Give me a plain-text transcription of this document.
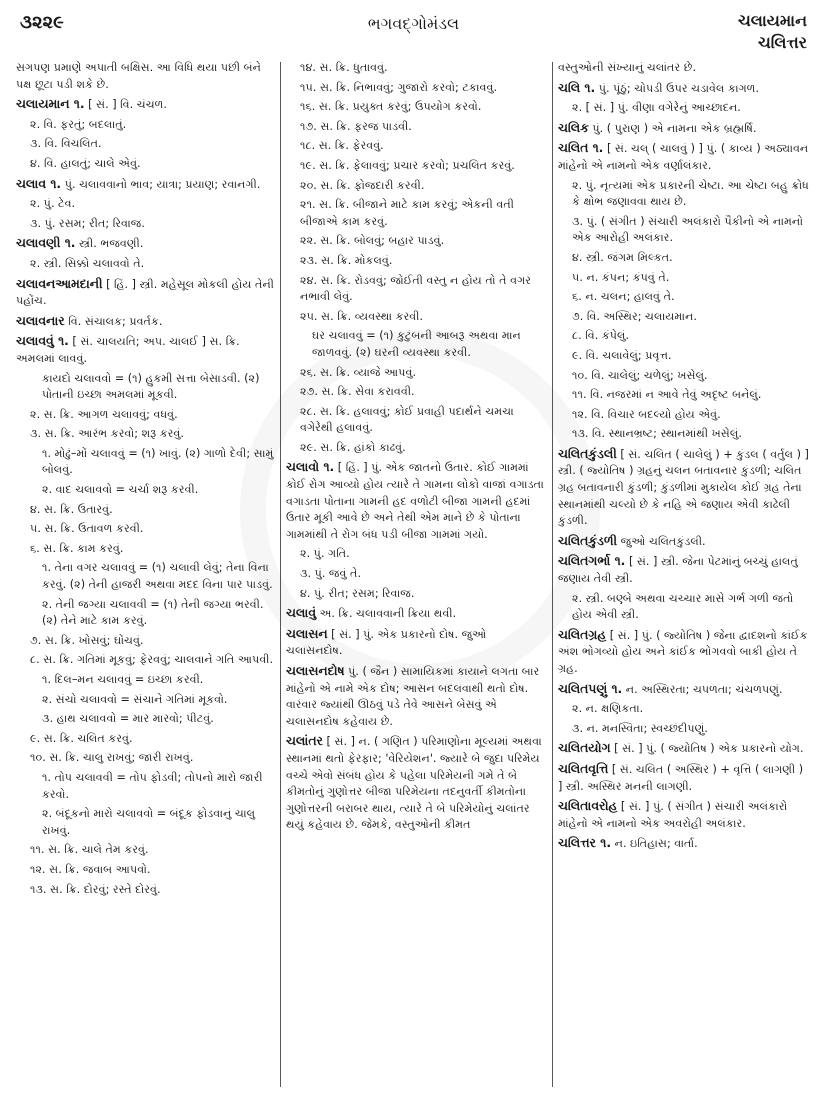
૩૨૨૯	ભગવદ્ગોમંડલ	ચલાયમાન
ચલિત્તર
સગપણ પ્રમાણે અપાતી બક્ષિસ. આ વિધિ થયા પછી બંને પક્ષ છૂટા પડી શકે છે.
ચલાયમાન ૧. [ સં. ] વિ. ચંચળ.
૨. વિ. ફરતું; બદલાતું.
૩. વિ. વિચલિત.
૪. વિ. હાલતું; ચાલે એવું.
ચલાવ ૧. પું. ચલાવવાનો ભાવ; યાત્રા; પ્રયાણ; રવાનગી.
૨. પું. ટેવ.
૩. પું. રસમ; રીત; રિવાજ.
ચલાવણી ૧. સ્ત્રી. ભજવણી.
૨. સ્ત્રી. સિક્કો ચલાવવો તે.
ચલાવનઆમદાની [ હિં. ] સ્ત્રી. મહેસૂલ મોકલી હોય તેની પહોંચ.
ચલાવનાર વિ. સંચાલક; પ્રવર્તક.
ચલાવવું ૧. [ સં. ચાલયતિ; અપ. ચાલઈ ] સ. ક્રિ. અમલમાં લાવવું.
કાયદો ચલાવવો = (૧) હુકમી સત્તા બેસાડવી. (૨) પોતાની ઇચ્છા અમલમાં મૂકવી.
૨. સ. ક્રિ. આગળ ચલાવવું; વધવું.
૩. સ. ક્રિ. આરંભ કરવો; શરૂ કરવું.
૧. મોઢું–મોં ચલાવવું = (૧) ખાવું. (૨) ગાળો દેવી; સામું બોલવું.
૨. વાદ ચલાવવો = ચર્ચા શરૂ કરવી.
૪. સ. ક્રિ. ઉતારવું.
૫. સ. ક્રિ. ઉતાવળ કરવી.
૬. સ. ક્રિ. કામ કરવું.
૧. તેના વગર ચલાવવું = (૧) ચલાવી લેવું; તેના વિના કરવું. (૨) તેની હાજરી અથવા મદદ વિના પાર પાડવું.
૨. તેની જગ્યા ચલાવવી = (૧) તેની જગ્યા ભરવી. (૨) તેને માટે કામ કરવું.
૭. સ. ક્રિ. ખોસવું; ઘોંચવું.
૮. સ. ક્રિ. ગતિમાં મૂકવું; ફેરવવું; ચાલવાને ગતિ આપવી.
૧. દિલ–મન ચલાવવું = ઇચ્છા કરવી.
૨. સંચો ચલાવવો = સંચાને ગતિમાં મૂકવો.
૩. હાથ ચલાવવો = માર મારવો; પીટવું.
૯. સ. ક્રિ. ચલિત કરવું.
૧૦. સ. ક્રિ. ચાલુ રાખવું; જારી રાખવું.
૧. તોપ ચલાવવી = તોપ ફોડવી; તોપનો મારો જારી કરવો.
૨. બંદૂકનો મારો ચલાવવો = બંદૂક ફોડવાનું ચાલુ રાખવું.
૧૧. સ. ક્રિ. ચાલે તેમ કરવું.
૧૨. સ. ક્રિ. જવાબ આપવો.
૧૩. સ. ક્રિ. દોરવું; રસ્તે દોરવું.
૧૪. સ. ક્રિ. ધુતાવવું.
૧૫. સ. ક્રિ. નિભાવવું; ગુજારો કરવો; ટકાવવું.
૧૬. સ. ક્રિ. પ્રયુક્ત કરવું; ઉપયોગ કરવો.
૧૭. સ. ક્રિ. ફરજ પાડવી.
૧૮. સ. ક્રિ. ફેરવવું.
૧૯. સ. ક્રિ. ફેલાવવું; પ્રચાર કરવો; પ્રચલિત કરવું.
૨૦. સ. ક્રિ. ફોજદારી કરવી.
૨૧. સ. ક્રિ. બીજાને માટે કામ કરવું; એકની વતી બીજાએ કામ કરવું.
૨૨. સ. ક્રિ. બોલવું; બહાર પાડવું.
૨૩. સ. ક્રિ. મોકલવું.
૨૪. સ. ક્રિ. રોડવવું; જોઈતી વસ્તુ ન હોય તો તે વગર નભાવી લેવું.
૨૫. સ. ક્રિ. વ્યવસ્થા કરવી.
ઘર ચલાવવું = (૧) કુટુંબની આબરૂ અથવા માન જાળવવું. (૨) ઘરની વ્યવસ્થા કરવી.
૨૬. સ. ક્રિ. વ્યાજે આપવું.
૨૭. સ. ક્રિ. સેવા કરાવવી.
૨૮. સ. ક્રિ. હલાવવું; કોઈ પ્રવાહી પદાર્થને ચમચા વગેરેથી હલાવવું.
૨૯. સ. ક્રિ. હાંકો કાઢવું.
ચલાવો ૧. [ હિં. ] પું. એક જાતનો ઉતાર. કોઈ ગામમાં કોઈ રોગ આવ્યો હોય ત્યારે તે ગામના લોકો વાજાં વગાડતા વગાડતા પોતાના ગામની હદ વળોટી બીજા ગામની હદમાં ઉતાર મૂકી આવે છે અને તેથી એમ માને છે કે પોતાના ગામમાંથી તે રોગ બંધ પડી બીજા ગામમાં ગયો.
૨. પું. ગતિ.
૩. પું. જવું તે.
૪. પું. રીત; રસમ; રિવાજ.
ચલાવું અ. ક્રિ. ચલાવવાની ક્રિયા થવી.
ચલાસન [ સં. ] પું. એક પ્રકારનો દોષ. જુઓ ચલાસનદોષ.
ચલાસનદોષ પું. ( જૈન ) સામાયિકમાં કાયાને લગતા બાર માંહેનો એ નામે એક દોષ; આસન બદલવાથી થતો દોષ. વારંવાર જ્યાંથી ઊઠવું પડે તેવે આસને બેસવું એ ચલાસનદોષ કહેવાય છે.
ચલાંતર [ સં. ] ન. ( ગણિત ) પરિમાણોના મૂલ્યમાં અથવા સ્થાનમાં થતો ફેરફાર; 'વેરિયેશન'. જ્યારે બે જુદા પરિમેય વચ્ચે એવો સંબંધ હોય કે પહેલા પરિમેયની ગમે તે બે કીમતોનું ગુણોત્તર બીજા પરિમેયના તદનુવર્તી કીમતોના ગુણોત્તરની બરાબર થાય, ત્યારે તે બે પરિમેયોનું ચલાંતર થયું કહેવાય છે. જેમકે, વસ્તુઓની કીમત
વસ્તુઓની સંખ્યાનું ચલાંતર છે.
ચલિ ૧. પું. પૂંઠું; ચોપડી ઉપર ચડાવેલ કાગળ.
૨. [ સં. ] પું. વીણા વગેરેનું આચ્છાદન.
ચલિક પું. ( પુરાણ ) એ નામના એક બ્રહ્મર્ષિ.
ચલિત ૧. [ સં. ચલ્ ( ચાલવું ) ] પું. ( કાવ્ય ) અઠ્યાવન માંહેનો એ નામનો એક વર્ણાલંકાર.
૨. પું. નૃત્યમાં એક પ્રકારની ચેષ્ટા. આ ચેષ્ટા બહુ ક્રોધ કે ક્ષોભ જણાવવા થાય છે.
૩. પું. ( સંગીત ) સંચારી અલંકારો પૈકીનો એ નામનો એક આરોહી અલંકાર.
૪. સ્ત્રી. જંગમ મિલ્કત.
૫. ન. કંપન; કંપવું તે.
૬. ન. ચલન; હાલવું તે.
૭. વિ. અસ્થિર; ચલાયમાન.
૮. વિ. કંપેલું.
૯. વિ. ચલાવેલું; પ્રવૃત્ત.
૧૦. વિ. ચાલેલું; ચળેલું; ખસેલું.
૧૧. વિ. નજરમાં ન આવે તેવું અદૃષ્ટ બનેલું.
૧૨. વિ. વિચાર બદલ્યો હોય એવું.
૧૩. વિ. સ્થાનભ્રષ્ટ; સ્થાનમાંથી ખસેલું.
ચલિતકુંડલી [ સં. ચલિત ( ચાલેલું ) + કુંડલ ( વર્તુલ ) ] સ્ત્રી. ( જ્યોતિષ ) ગ્રહનું ચલન બતાવનાર કુંડળી; ચલિત ગ્રહ બતાવનારી કુંડળી; કુંડળીમાં મુકાયેલ કોઈ ગ્રહ તેના સ્થાનમાંથી ચલ્યો છે કે નહિ એ જણાય એવી કાઢેલી કુંડળી.
ચલિતકુંડળી જુઓ ચલિતકુંડલી.
ચલિતગર્ભા ૧. [ સં. ] સ્ત્રી. જેના પેટમાંનું બચ્ચું હાલતું જણાય તેવી સ્ત્રી.
૨. સ્ત્રી. બણ્બે અથવા ચચ્ચાર માસે ગર્ભ ગળી જતો હોય એવી સ્ત્રી.
ચલિતગ્રહ [ સં. ] પું. ( જ્યોતિષ ) જેના દ્વાદશનો કાંઈક અંશ ભોગવ્યો હોય અને કાંઈક ભોગવવો બાકી હોય તે ગ્રહ.
ચલિતપણું ૧. ન. અસ્થિરતા; ચપળતા; ચંચળપણું.
૨. ન. ક્ષણિકતા.
૩. ન. મનસ્વિતા; સ્વચ્છંદીપણું.
ચલિતયોગ [ સં. ] પું. ( જ્યોતિષ ) એક પ્રકારનો યોગ.
ચલિતવૃત્તિ [ સં. ચલિત ( અસ્થિર ) + વૃત્તિ ( લાગણી ) ] સ્ત્રી. અસ્થિર મનની લાગણી.
ચલિતાવરોહ [ સં. ] પું. ( સંગીત ) સંચારી અલંકારો માંહેનો એ નામનો એક અવરોહી અલંકાર.
ચલિત્તર ૧. ન. ઇતિહાસ; વાર્તા.
